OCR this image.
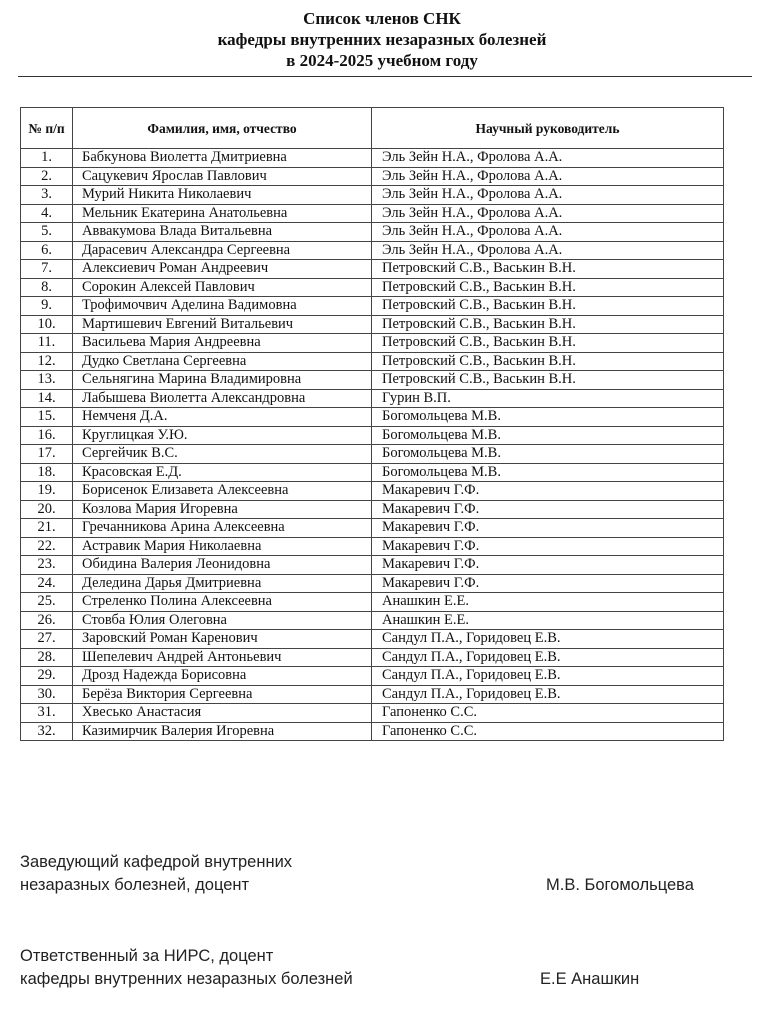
Список членов СНК
кафедры внутренних незаразных болезней
в 2024-2025 учебном году
№ п/п	Фамилия, имя, отчество	Научный руководитель
1.	Бабкунова Виолетта Дмитриевна	Эль Зейн Н.А., Фролова А.А.
2.	Сацукевич Ярослав Павлович	Эль Зейн Н.А., Фролова А.А.
3.	Мурий Никита Николаевич	Эль Зейн Н.А., Фролова А.А.
4.	Мельник Екатерина Анатольевна	Эль Зейн Н.А., Фролова А.А.
5.	Аввакумова Влада Витальевна	Эль Зейн Н.А., Фролова А.А.
6.	Дарасевич Александра Сергеевна	Эль Зейн Н.А., Фролова А.А.
7.	Алексиевич Роман Андреевич	Петровский С.В., Васькин В.Н.
8.	Сорокин Алексей Павлович	Петровский С.В., Васькин В.Н.
9.	Трофимочвич Аделина Вадимовна	Петровский С.В., Васькин В.Н.
10.	Мартишевич Евгений Витальевич	Петровский С.В., Васькин В.Н.
11.	Васильева Мария Андреевна	Петровский С.В., Васькин В.Н.
12.	Дудко Светлана Сергеевна	Петровский С.В., Васькин В.Н.
13.	Сельнягина Марина Владимировна	Петровский С.В., Васькин В.Н.
14.	Лабышева Виолетта Александровна	Гурин В.П.
15.	Немченя Д.А.	Богомольцева М.В.
16.	Круглицкая У.Ю.	Богомольцева М.В.
17.	Сергейчик В.С.	Богомольцева М.В.
18.	Красовская Е.Д.	Богомольцева М.В.
19.	Борисенок Елизавета Алексеевна	Макаревич Г.Ф.
20.	Козлова Мария Игоревна	Макаревич Г.Ф.
21.	Гречанникова Арина Алексеевна	Макаревич Г.Ф.
22.	Астравик Мария Николаевна	Макаревич Г.Ф.
23.	Обидина Валерия Леонидовна	Макаревич Г.Ф.
24.	Деледина Дарья Дмитриевна	Макаревич Г.Ф.
25.	Стреленко Полина Алексеевна	Анашкин Е.Е.
26.	Стовба Юлия Олеговна	Анашкин Е.Е.
27.	Заровский Роман Каренович	Сандул П.А., Горидовец Е.В.
28.	Шепелевич Андрей Антоньевич	Сандул П.А., Горидовец Е.В.
29.	Дрозд Надежда Борисовна	Сандул П.А., Горидовец Е.В.
30.	Берёза Виктория Сергеевна	Сандул П.А., Горидовец Е.В.
31.	Хвесько Анастасия	Гапоненко С.С.
32.	Казимирчик Валерия Игоревна	Гапоненко С.С.
Заведующий кафедрой внутренних
незаразных болезней, доцент	М.В. Богомольцева
Ответственный за НИРС, доцент
кафедры внутренних незаразных болезней	Е.Е Анашкин
